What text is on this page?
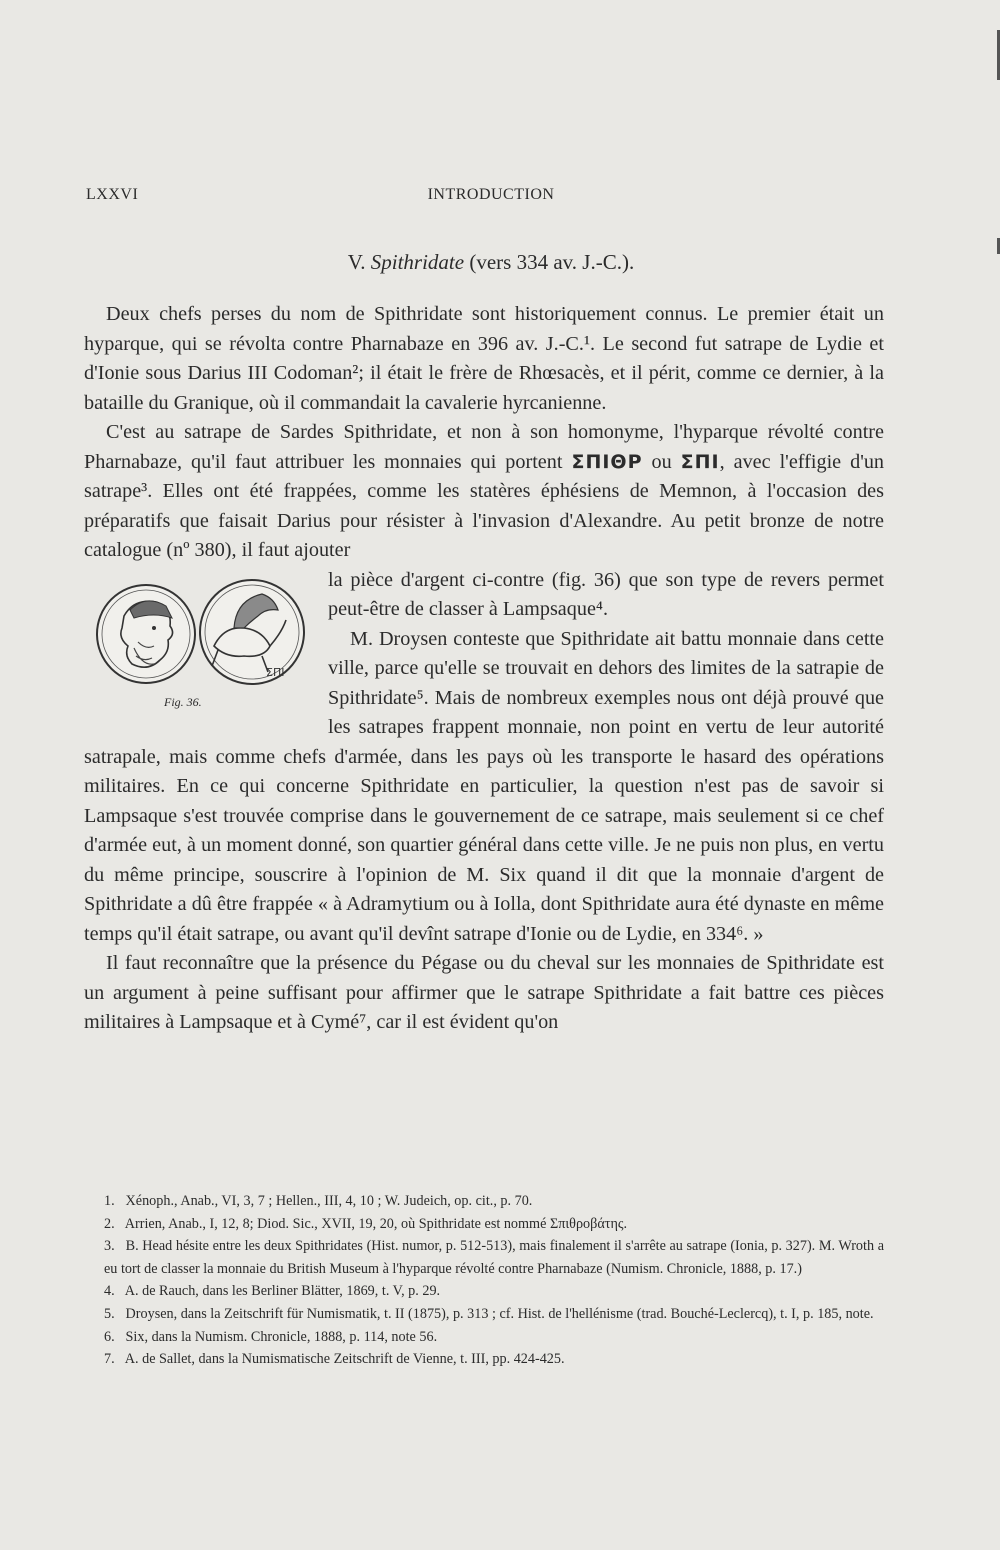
LXXVI	INTRODUCTION
V. Spithridate (vers 334 av. J.-C.).

Deux chefs perses du nom de Spithridate sont historiquement connus. Le premier était un hyparque, qui se révolta contre Pharnabaze en 396 av. J.-C.¹. Le second fut satrape de Lydie et d'Ionie sous Darius III Codoman²; il était le frère de Rhœsacès, et il périt, comme ce dernier, à la bataille du Granique, où il commandait la cavalerie hyrcanienne.

C'est au satrape de Sardes Spithridate, et non à son homonyme, l'hyparque révolté contre Pharnabaze, qu'il faut attribuer les monnaies qui portent ΣΠΙΘΡ ou ΣΠΙ, avec l'effigie d'un satrape³. Elles ont été frappées, comme les statères éphésiens de Memnon, à l'occasion des préparatifs que faisait Darius pour résister à l'invasion d'Alexandre. Au petit bronze de notre catalogue (nº 380), il faut ajouter

ΣΠΙ
Fig. 36.

la pièce d'argent ci-contre (fig. 36) que son type de revers permet peut-être de classer à Lampsaque⁴.

M. Droysen conteste que Spithridate ait battu monnaie dans cette ville, parce qu'elle se trouvait en dehors des limites de la satrapie de Spithridate⁵. Mais de nombreux exemples nous ont déjà prouvé que les satrapes frappent monnaie, non point en vertu de leur autorité satrapale, mais comme chefs d'armée, dans les pays où les transporte le hasard des opérations militaires. En ce qui concerne Spithridate en particulier, la question n'est pas de savoir si Lampsaque s'est trouvée comprise dans le gouvernement de ce satrape, mais seulement si ce chef d'armée eut, à un moment donné, son quartier général dans cette ville. Je ne puis non plus, en vertu du même principe, souscrire à l'opinion de M. Six quand il dit que la monnaie d'argent de Spithridate a dû être frappée « à Adramytium ou à Iolla, dont Spithridate aura été dynaste en même temps qu'il était satrape, ou avant qu'il devînt satrape d'Ionie ou de Lydie, en 334⁶. »

Il faut reconnaître que la présence du Pégase ou du cheval sur les monnaies de Spithridate est un argument à peine suffisant pour affirmer que le satrape Spithridate a fait battre ces pièces militaires à Lampsaque et à Cymé⁷, car il est évident qu'on

1. Xénoph., Anab., VI, 3, 7 ; Hellen., III, 4, 10 ; W. Judeich, op. cit., p. 70.

2. Arrien, Anab., I, 12, 8; Diod. Sic., XVII, 19, 20, où Spithridate est nommé Σπιθροβάτης.

3. B. Head hésite entre les deux Spithridates (Hist. numor, p. 512-513), mais finalement il s'arrête au satrape (Ionia, p. 327). M. Wroth a eu tort de classer la monnaie du British Museum à l'hyparque révolté contre Pharnabaze (Numism. Chronicle, 1888, p. 17.)

4. A. de Rauch, dans les Berliner Blätter, 1869, t. V, p. 29.

5. Droysen, dans la Zeitschrift für Numismatik, t. II (1875), p. 313 ; cf. Hist. de l'hellénisme (trad. Bouché-Leclercq), t. I, p. 185, note.

6. Six, dans la Numism. Chronicle, 1888, p. 114, note 56.

7. A. de Sallet, dans la Numismatische Zeitschrift de Vienne, t. III, pp. 424-425.
